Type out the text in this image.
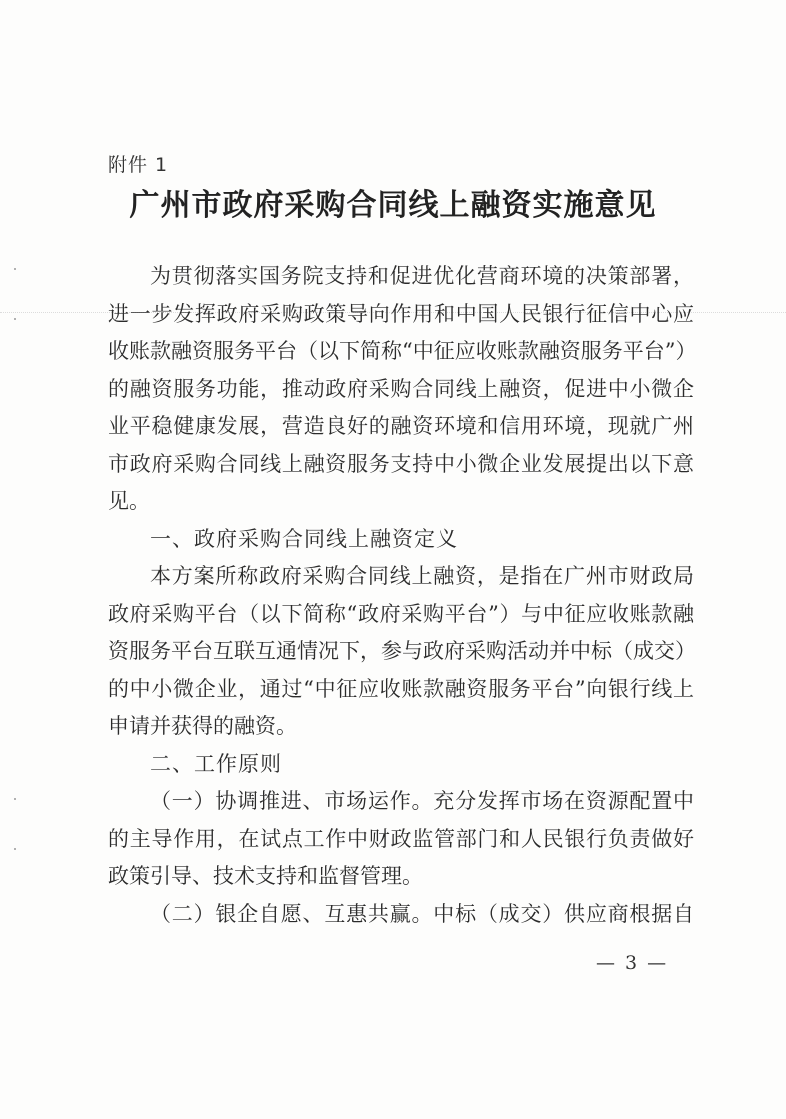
附件 1
广州市政府采购合同线上融资实施意见
为贯彻落实国务院支持和促进优化营商环境的决策部署，
进一步发挥政府采购政策导向作用和中国人民银行征信中心应
收账款融资服务平台（以下简称“中征应收账款融资服务平台”）
的融资服务功能，推动政府采购合同线上融资，促进中小微企
业平稳健康发展，营造良好的融资环境和信用环境，现就广州
市政府采购合同线上融资服务支持中小微企业发展提出以下意
见。
一、政府采购合同线上融资定义
本方案所称政府采购合同线上融资，是指在广州市财政局
政府采购平台（以下简称“政府采购平台”）与中征应收账款融
资服务平台互联互通情况下，参与政府采购活动并中标（成交）
的中小微企业，通过“中征应收账款融资服务平台”向银行线上
申请并获得的融资。
二、工作原则
（一）协调推进、市场运作。充分发挥市场在资源配置中
的主导作用，在试点工作中财政监管部门和人民银行负责做好
政策引导、技术支持和监督管理。
（二）银企自愿、互惠共赢。中标（成交）供应商根据自
— 3 —
